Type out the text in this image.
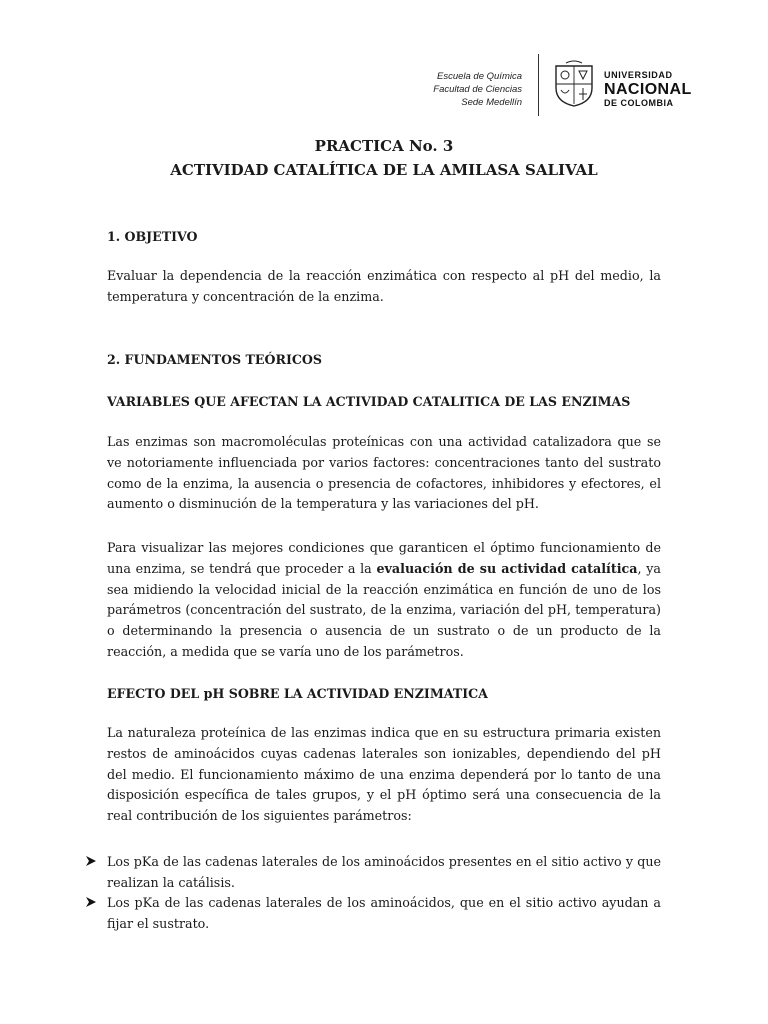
Escuela de Química
Facultad de Ciencias
Sede Medellín
UNIVERSIDAD
NACIONAL
DE COLOMBIA
PRACTICA No. 3
ACTIVIDAD CATALÍTICA DE LA AMILASA SALIVAL
1. OBJETIVO
Evaluar la dependencia de la reacción enzimática con respecto al pH del medio, la temperatura y concentración de la enzima.
2. FUNDAMENTOS TEÓRICOS
VARIABLES QUE AFECTAN LA ACTIVIDAD CATALITICA DE LAS ENZIMAS
Las enzimas son macromoléculas proteínicas con una actividad catalizadora que se ve notoriamente influenciada por varios factores: concentraciones tanto del sustrato como de la enzima, la ausencia o presencia de cofactores, inhibidores y efectores, el aumento o disminución de la temperatura y las variaciones del pH.
Para visualizar las mejores condiciones que garanticen el óptimo funcionamiento de una enzima, se tendrá que proceder a la evaluación de su actividad catalítica, ya sea midiendo la velocidad inicial de la reacción enzimática en función de uno de los parámetros (concentración del sustrato, de la enzima, variación del pH, temperatura) o determinando la presencia o ausencia de un sustrato o de un producto de la reacción, a medida que se varía uno de los parámetros.
EFECTO DEL pH SOBRE LA ACTIVIDAD ENZIMATICA
La naturaleza proteínica de las enzimas indica que en su estructura primaria existen restos de aminoácidos cuyas cadenas laterales son ionizables, dependiendo del pH del medio. El funcionamiento máximo de una enzima dependerá por lo tanto de una disposición específica de tales grupos, y el pH óptimo será una consecuencia de la real contribución de los siguientes parámetros:
Los pKa de las cadenas laterales de los aminoácidos presentes en el sitio activo y que realizan la catálisis.
Los pKa de las cadenas laterales de los aminoácidos, que en el sitio activo ayudan a fijar el sustrato.
